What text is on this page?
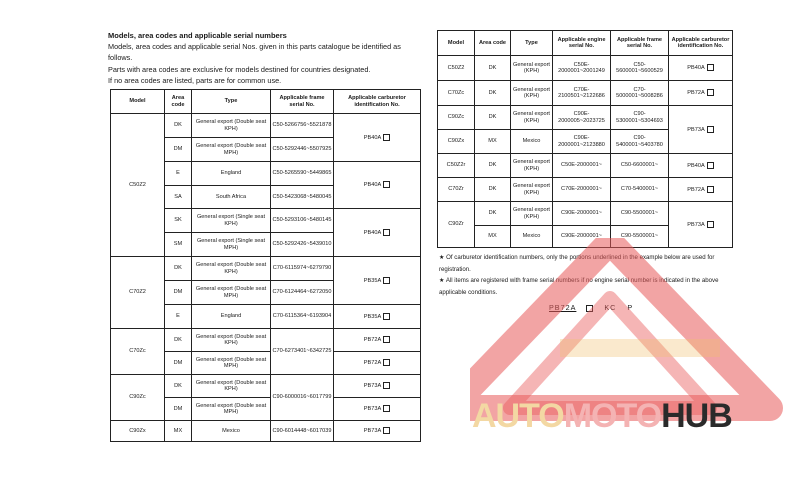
Models, area codes and applicable serial numbers
Models, area codes and applicable serial Nos. given in this parts catalogue be identified as follows.
Parts with area codes are exclusive for models destined for countries designated.
If no area codes are listed, parts are for common use.
Model	Area code	Type	Applicable frame serial No.	Applicable carburetor identification No.
C50Z2	DK	General export (Double seat KPH)	C50-5266756~5521878	PB40A
	DM	General export (Double seat MPH)	C50-5292446~5507925	
	E	England	C50-5265590~5449865	PB40A
	SA	South Africa	C50-5423068~5480045	
	SK	General export (Single seat KPH)	C50-5293106~5480145	PB40A
	SM	General export (Single seat MPH)	C50-5292426~5439010	
C70Z2	DK	General export (Double seat KPH)	C70-6115974~6279790	PB35A
	DM	General export (Double seat MPH)	C70-6124464~6272050	
	E	England	C70-6115364~6193904	PB35A
C70Zc	DK	General export (Double seat KPH)	C70-6273401~6342725	PB72A
	DM	General export (Double seat MPH)		PB72A
C90Zc	DK	General export (Double seat KPH)	C90-6000016~6017799	PB73A
	DM	General export (Double seat MPH)		PB73A
C90Zx	MX	Mexico	C90-6014448~6017039	PB73A
Model	Area code	Type	Applicable engine serial No.	Applicable frame serial No.	Applicable carburetor identification No.
C50Z2	DK	General export (KPH)	C50E-2000001~2001249	C50-5600001~5600529	PB40A
C70Zc	DK	General export (KPH)	C70E-2100501~2122686	C70-5000001~5008286	PB72A
C90Zc	DK	General export (KPH)	C90E-2000005~2023725	C90-5300001~5304693	PB73A
C90Zx	MX	Mexico	C90E-2000001~2123880	C90-5400001~5403780	
C50Z2r	DK	General export (KPH)	C50E-2000001~	C50-6600001~	PB40A
C70Zr	DK	General export (KPH)	C70E-2000001~	C70-5400001~	PB72A
C90Zr	DK	General export (KPH)	C90E-2000001~	C90-5500001~	PB73A
	MX	Mexico	C90E-2000001~	C90-5500001~	
★ Of carburetor identification numbers, only the portions underlined in the example below are used for registration.
★ All items are registered with frame serial numbers if no engine serial number is indicated in the above applicable conditions.
PB72A	KC P
AUTOMOTOHUB
